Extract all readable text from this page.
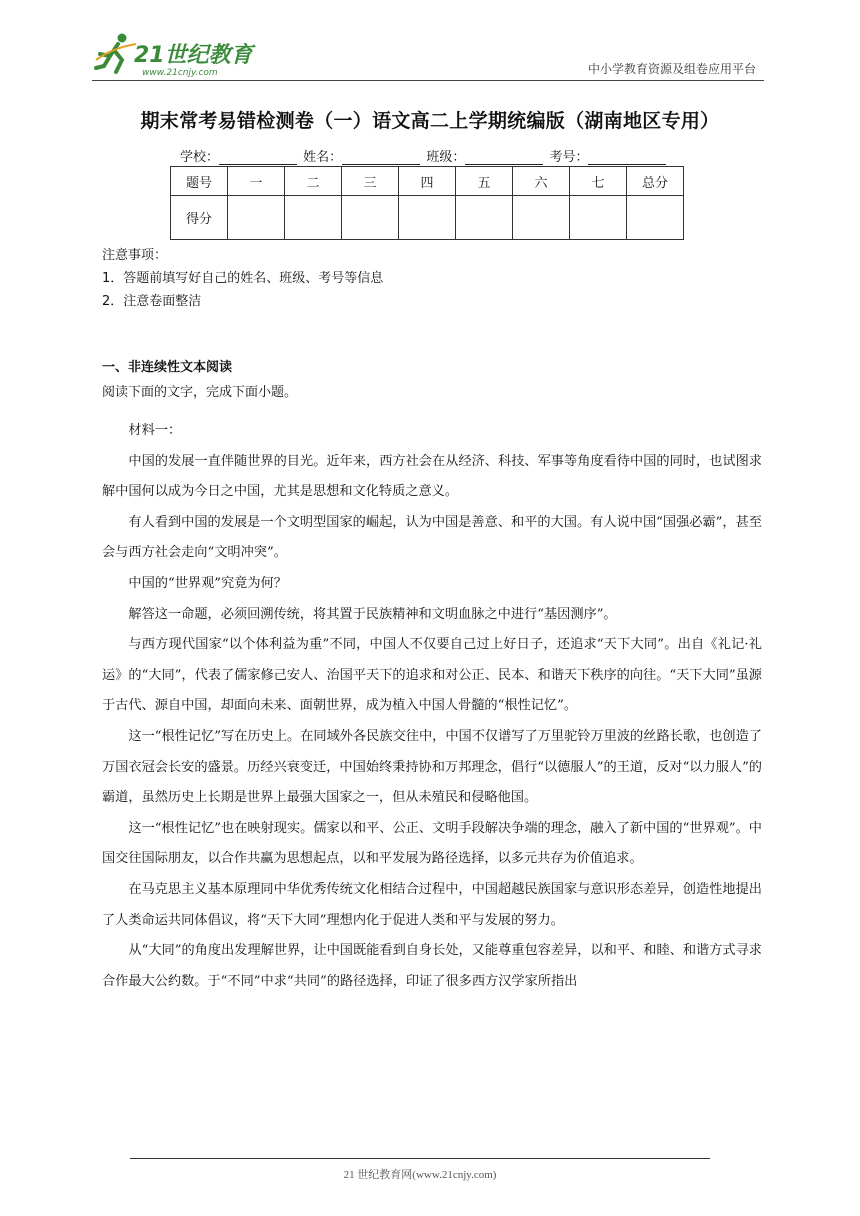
21世纪教育
www.21cnjy.com	中小学教育资源及组卷应用平台
期末常考易错检测卷（一）语文高二上学期统编版（湖南地区专用）
学校：	姓名：	班级：	考号：
题号	一	二	三	四	五	六	七	总分
得分								
注意事项：
1．答题前填写好自己的姓名、班级、考号等信息
2．注意卷面整洁
一、非连续性文本阅读
阅读下面的文字，完成下面小题。

材料一：

中国的发展一直伴随世界的目光。近年来，西方社会在从经济、科技、军事等角度看待中国的同时，也试图求解中国何以成为今日之中国，尤其是思想和文化特质之意义。

有人看到中国的发展是一个文明型国家的崛起，认为中国是善意、和平的大国。有人说中国“国强必霸”，甚至会与西方社会走向“文明冲突”。

中国的“世界观”究竟为何？

解答这一命题，必须回溯传统，将其置于民族精神和文明血脉之中进行“基因测序”。

与西方现代国家“以个体利益为重”不同，中国人不仅要自己过上好日子，还追求“天下大同”。出自《礼记·礼运》的“大同”，代表了儒家修己安人、治国平天下的追求和对公正、民本、和谐天下秩序的向往。“天下大同”虽源于古代、源自中国，却面向未来、面朝世界，成为植入中国人骨髓的“根性记忆”。

这一“根性记忆”写在历史上。在同域外各民族交往中，中国不仅谱写了万里驼铃万里波的丝路长歌，也创造了万国衣冠会长安的盛景。历经兴衰变迁，中国始终秉持协和万邦理念，倡行“以德服人”的王道，反对“以力服人”的霸道，虽然历史上长期是世界上最强大国家之一，但从未殖民和侵略他国。

这一“根性记忆”也在映射现实。儒家以和平、公正、文明手段解决争端的理念，融入了新中国的“世界观”。中国交往国际朋友，以合作共赢为思想起点，以和平发展为路径选择，以多元共存为价值追求。

在马克思主义基本原理同中华优秀传统文化相结合过程中，中国超越民族国家与意识形态差异，创造性地提出了人类命运共同体倡议，将“天下大同”理想内化于促进人类和平与发展的努力。

从“大同”的角度出发理解世界，让中国既能看到自身长处，又能尊重包容差异，以和平、和睦、和谐方式寻求合作最大公约数。于“不同”中求“共同”的路径选择，印证了很多西方汉学家所指出

21 世纪教育网(www.21cnjy.com)
